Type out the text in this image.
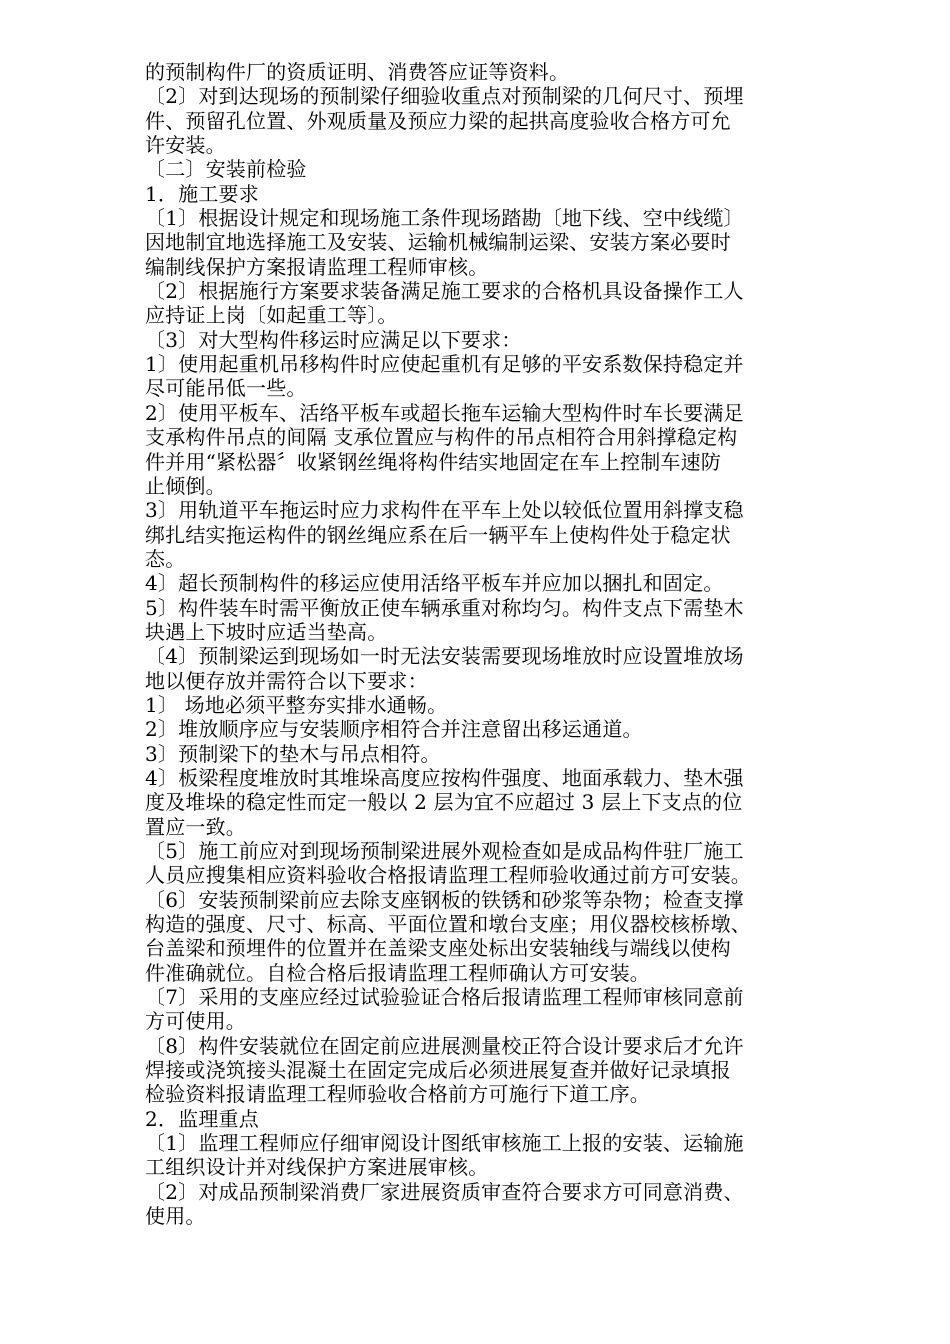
的预制构件厂的资质证明、消费答应证等资料。
〔2〕对到达现场的预制梁仔细验收重点对预制梁的几何尺寸、预埋
件、预留孔位置、外观质量及预应力梁的起拱高度验收合格方可允
许安装。
〔二〕安装前检验
1．施工要求
〔1〕根据设计规定和现场施工条件现场踏勘〔地下线、空中线缆〕
因地制宜地选择施工及安装、运输机械编制运梁、安装方案必要时
编制线保护方案报请监理工程师审核。
〔2〕根据施行方案要求装备满足施工要求的合格机具设备操作工人
应持证上岗〔如起重工等〕。
〔3〕对大型构件移运时应满足以下要求：
1〕使用起重机吊移构件时应使起重机有足够的平安系数保持稳定并
尽可能吊低一些。
2〕使用平板车、活络平板车或超长拖车运输大型构件时车长要满足
支承构件吊点的间隔 支承位置应与构件的吊点相符合用斜撑稳定构
件并用“紧松器〞收紧钢丝绳将构件结实地固定在车上控制车速防
止倾倒。
3〕用轨道平车拖运时应力求构件在平车上处以较低位置用斜撑支稳
绑扎结实拖运构件的钢丝绳应系在后一辆平车上使构件处于稳定状
态。
4〕超长预制构件的移运应使用活络平板车并应加以捆扎和固定。
5〕构件装车时需平衡放正使车辆承重对称均匀。构件支点下需垫木
块遇上下坡时应适当垫高。
〔4〕预制梁运到现场如一时无法安装需要现场堆放时应设置堆放场
地以便存放并需符合以下要求：
1〕 场地必须平整夯实排水通畅。
2〕堆放顺序应与安装顺序相符合并注意留出移运通道。
3〕预制梁下的垫木与吊点相符。
4〕板梁程度堆放时其堆垛高度应按构件强度、地面承载力、垫木强
度及堆垛的稳定性而定一般以 2 层为宜不应超过 3 层上下支点的位
置应一致。
〔5〕施工前应对到现场预制梁进展外观检查如是成品构件驻厂施工
人员应搜集相应资料验收合格报请监理工程师验收通过前方可安装。
〔6〕安装预制梁前应去除支座钢板的铁锈和砂浆等杂物；检查支撑
构造的强度、尺寸、标高、平面位置和墩台支座；用仪器校核桥墩、
台盖梁和预埋件的位置并在盖梁支座处标出安装轴线与端线以使构
件准确就位。自检合格后报请监理工程师确认方可安装。
〔7〕采用的支座应经过试验验证合格后报请监理工程师审核同意前
方可使用。
〔8〕构件安装就位在固定前应进展测量校正符合设计要求后才允许
焊接或浇筑接头混凝土在固定完成后必须进展复查并做好记录填报
检验资料报请监理工程师验收合格前方可施行下道工序。
2．监理重点
〔1〕监理工程师应仔细审阅设计图纸审核施工上报的安装、运输施
工组织设计并对线保护方案进展审核。
〔2〕对成品预制梁消费厂家进展资质审查符合要求方可同意消费、
使用。
